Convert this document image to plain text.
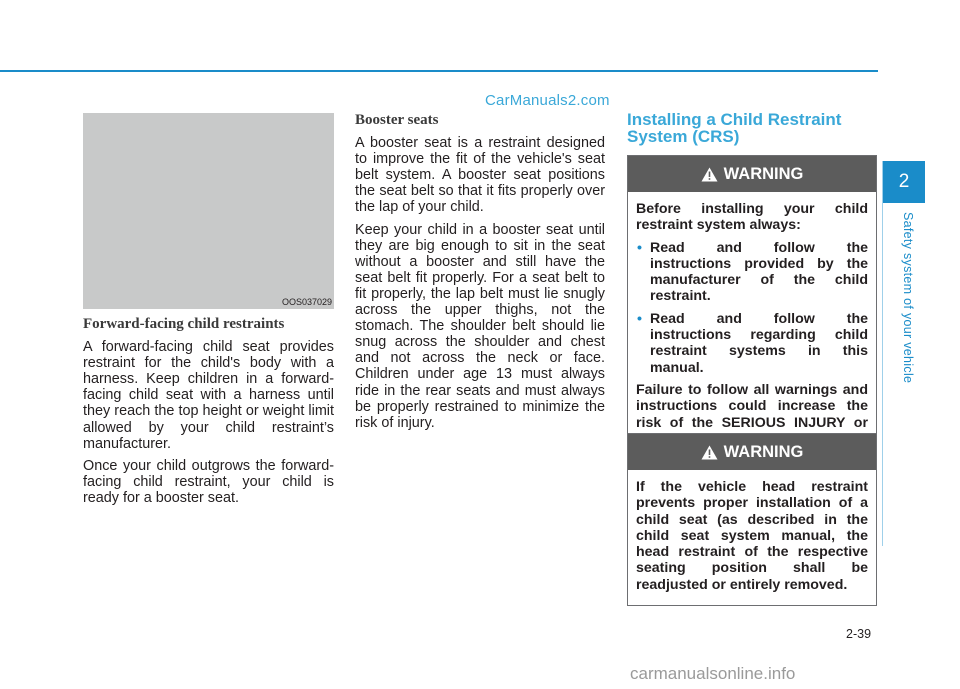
CarManuals2.com
OOS037029
Forward-facing child restraints

A forward-facing child seat provides restraint for the child's body with a harness. Keep children in a forward-facing child seat with a harness until they reach the top height or weight limit allowed by your child restraint’s manufacturer.

Once your child outgrows the forward-facing child restraint, your child is ready for a booster seat.

Booster seats

A booster seat is a restraint designed to improve the fit of the vehicle's seat belt system. A booster seat positions the seat belt so that it fits properly over the lap of your child.

Keep your child in a booster seat until they are big enough to sit in the seat without a booster and still have the seat belt fit properly. For a seat belt to fit properly, the lap belt must lie snugly across the upper thighs, not the stomach. The shoulder belt should lie snug across the shoulder and chest and not across the neck or face. Children under age 13 must always ride in the rear seats and must always be properly restrained to minimize the risk of injury.

Installing a Child Restraint System (CRS)
WARNING

Before installing your child restraint system always:

• Read and follow the instructions provided by the manufacturer of the child restraint.
• Read and follow the instructions regarding child restraint systems in this manual.

Failure to follow all warnings and instructions could increase the risk of the SERIOUS INJURY or

WARNING

If the vehicle head restraint prevents proper installation of a child seat (as described in the child seat system manual, the head restraint of the respective seating position shall be readjusted or entirely removed.

2
Safety system of your vehicle
2-39
carmanualsonline.info
